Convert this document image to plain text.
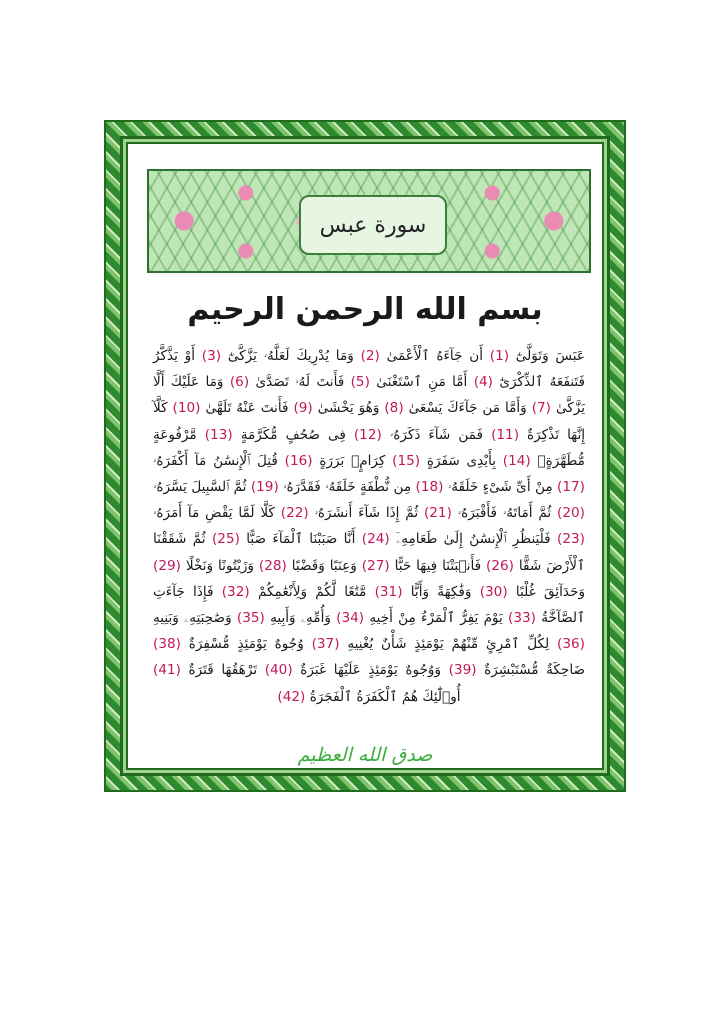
سورة عبس
بسم الله الرحمن الرحيم
عَبَسَ وَتَوَلَّىٰٓ (1) أَن جَآءَهُ ٱلْأَعْمَىٰ (2) وَمَا يُدْرِيكَ لَعَلَّهُۥ يَزَّكَّىٰٓ (3) أَوْ يَذَّكَّرُ فَتَنفَعَهُ ٱلذِّكْرَىٰٓ (4) أَمَّا مَنِ ٱسْتَغْنَىٰ (5) فَأَنتَ لَهُۥ تَصَدَّىٰ (6) وَمَا عَلَيْكَ أَلَّا يَزَّكَّىٰ (7) وَأَمَّا مَن جَآءَكَ يَسْعَىٰ (8) وَهُوَ يَخْشَىٰ (9) فَأَنتَ عَنْهُ تَلَهَّىٰ (10) كَلَّآ إِنَّهَا تَذْكِرَةٌ (11) فَمَن شَآءَ ذَكَرَهُۥ (12) فِى صُحُفٍ مُّكَرَّمَةٍ (13) مَّرْفُوعَةٍ مُّطَهَّرَةٍۭ (14) بِأَيْدِى سَفَرَةٍ (15) كِرَامٍۭ بَرَرَةٍ (16) قُتِلَ ٱلْإِنسَٰنُ مَآ أَكْفَرَهُۥ (17) مِنْ أَىِّ شَىْءٍ خَلَقَهُۥ (18) مِن نُّطْفَةٍ خَلَقَهُۥ فَقَدَّرَهُۥ (19) ثُمَّ ٱلسَّبِيلَ يَسَّرَهُۥ (20) ثُمَّ أَمَاتَهُۥ فَأَقْبَرَهُۥ (21) ثُمَّ إِذَا شَآءَ أَنشَرَهُۥ (22) كَلَّا لَمَّا يَقْضِ مَآ أَمَرَهُۥ (23) فَلْيَنظُرِ ٱلْإِنسَٰنُ إِلَىٰ طَعَامِهِۦٓ (24) أَنَّا صَبَبْنَا ٱلْمَآءَ صَبًّا (25) ثُمَّ شَقَقْنَا ٱلْأَرْضَ شَقًّا (26) فَأَنۢبَتْنَا فِيهَا حَبًّا (27) وَعِنَبًا وَقَضْبًا (28) وَزَيْتُونًا وَنَخْلًا (29) وَحَدَآئِقَ غُلْبًا (30) وَفَٰكِهَةً وَأَبًّا (31) مَّتَٰعًا لَّكُمْ وَلِأَنْعَٰمِكُمْ (32) فَإِذَا جَآءَتِ ٱلصَّآخَّةُ (33) يَوْمَ يَفِرُّ ٱلْمَرْءُ مِنْ أَخِيهِ (34) وَأُمِّهِۦ وَأَبِيهِ (35) وَصَٰحِبَتِهِۦ وَبَنِيهِ (36) لِكُلِّ ٱمْرِئٍ مِّنْهُمْ يَوْمَئِذٍ شَأْنٌ يُغْنِيهِ (37) وُجُوهٌ يَوْمَئِذٍ مُّسْفِرَةٌ (38) ضَاحِكَةٌ مُّسْتَبْشِرَةٌ (39) وَوُجُوهٌ يَوْمَئِذٍ عَلَيْهَا غَبَرَةٌ (40) تَرْهَقُهَا قَتَرَةٌ (41) أُو۟لَٰٓئِكَ هُمُ ٱلْكَفَرَةُ ٱلْفَجَرَةُ (42)
صدق الله العظيم
